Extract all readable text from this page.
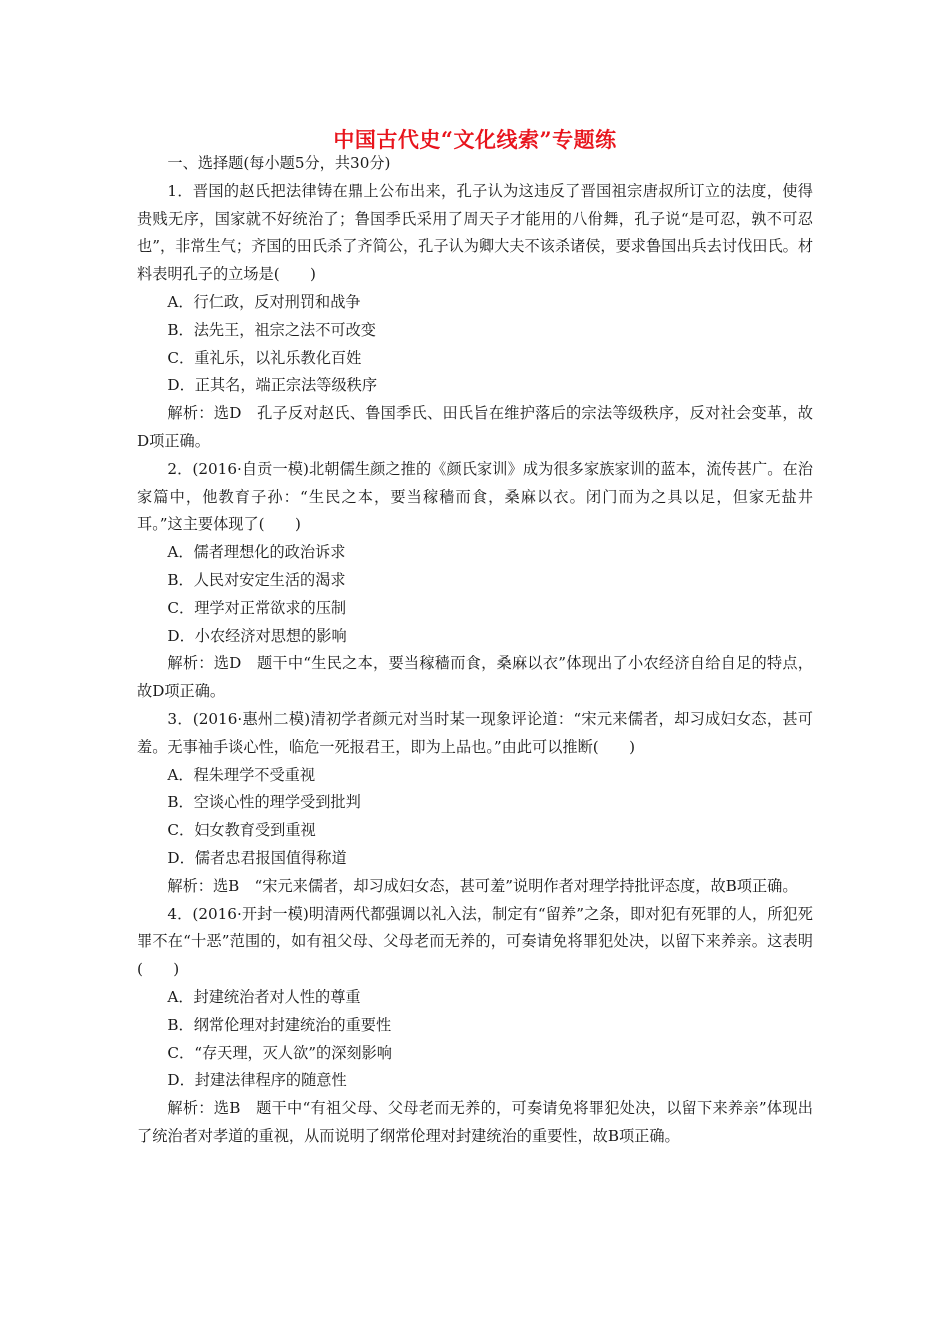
中国古代史“文化线索”专题练

一、选择题(每小题5分，共30分)

1．晋国的赵氏把法律铸在鼎上公布出来，孔子认为这违反了晋国祖宗唐叔所订立的法度，使得贵贱无序，国家就不好统治了；鲁国季氏采用了周天子才能用的八佾舞，孔子说“是可忍，孰不可忍也”，非常生气；齐国的田氏杀了齐简公，孔子认为卿大夫不该杀诸侯，要求鲁国出兵去讨伐田氏。材料表明孔子的立场是(　　)

A．行仁政，反对刑罚和战争

B．法先王，祖宗之法不可改变

C．重礼乐，以礼乐教化百姓

D．正其名，端正宗法等级秩序

解析：选D　孔子反对赵氏、鲁国季氏、田氏旨在维护落后的宗法等级秩序，反对社会变革，故D项正确。

2．(2016·自贡一模)北朝儒生颜之推的《颜氏家训》成为很多家族家训的蓝本，流传甚广。在治家篇中，他教育子孙：“生民之本，要当稼穑而食，桑麻以衣。闭门而为之具以足，但家无盐井耳。”这主要体现了(　　)

A．儒者理想化的政治诉求

B．人民对安定生活的渴求

C．理学对正常欲求的压制

D．小农经济对思想的影响

解析：选D　题干中“生民之本，要当稼穑而食，桑麻以衣”体现出了小农经济自给自足的特点，故D项正确。

3．(2016·惠州二模)清初学者颜元对当时某一现象评论道：“宋元来儒者，却习成妇女态，甚可羞。无事袖手谈心性，临危一死报君王，即为上品也。”由此可以推断(　　)

A．程朱理学不受重视

B．空谈心性的理学受到批判

C．妇女教育受到重视

D．儒者忠君报国值得称道

解析：选B　“宋元来儒者，却习成妇女态，甚可羞”说明作者对理学持批评态度，故B项正确。

4．(2016·开封一模)明清两代都强调以礼入法，制定有“留养”之条，即对犯有死罪的人，所犯死罪不在“十恶”范围的，如有祖父母、父母老而无养的，可奏请免将罪犯处决，以留下来养亲。这表明(　　)

A．封建统治者对人性的尊重

B．纲常伦理对封建统治的重要性

C．“存天理，灭人欲”的深刻影响

D．封建法律程序的随意性

解析：选B　题干中“有祖父母、父母老而无养的，可奏请免将罪犯处决，以留下来养亲”体现出了统治者对孝道的重视，从而说明了纲常伦理对封建统治的重要性，故B项正确。
